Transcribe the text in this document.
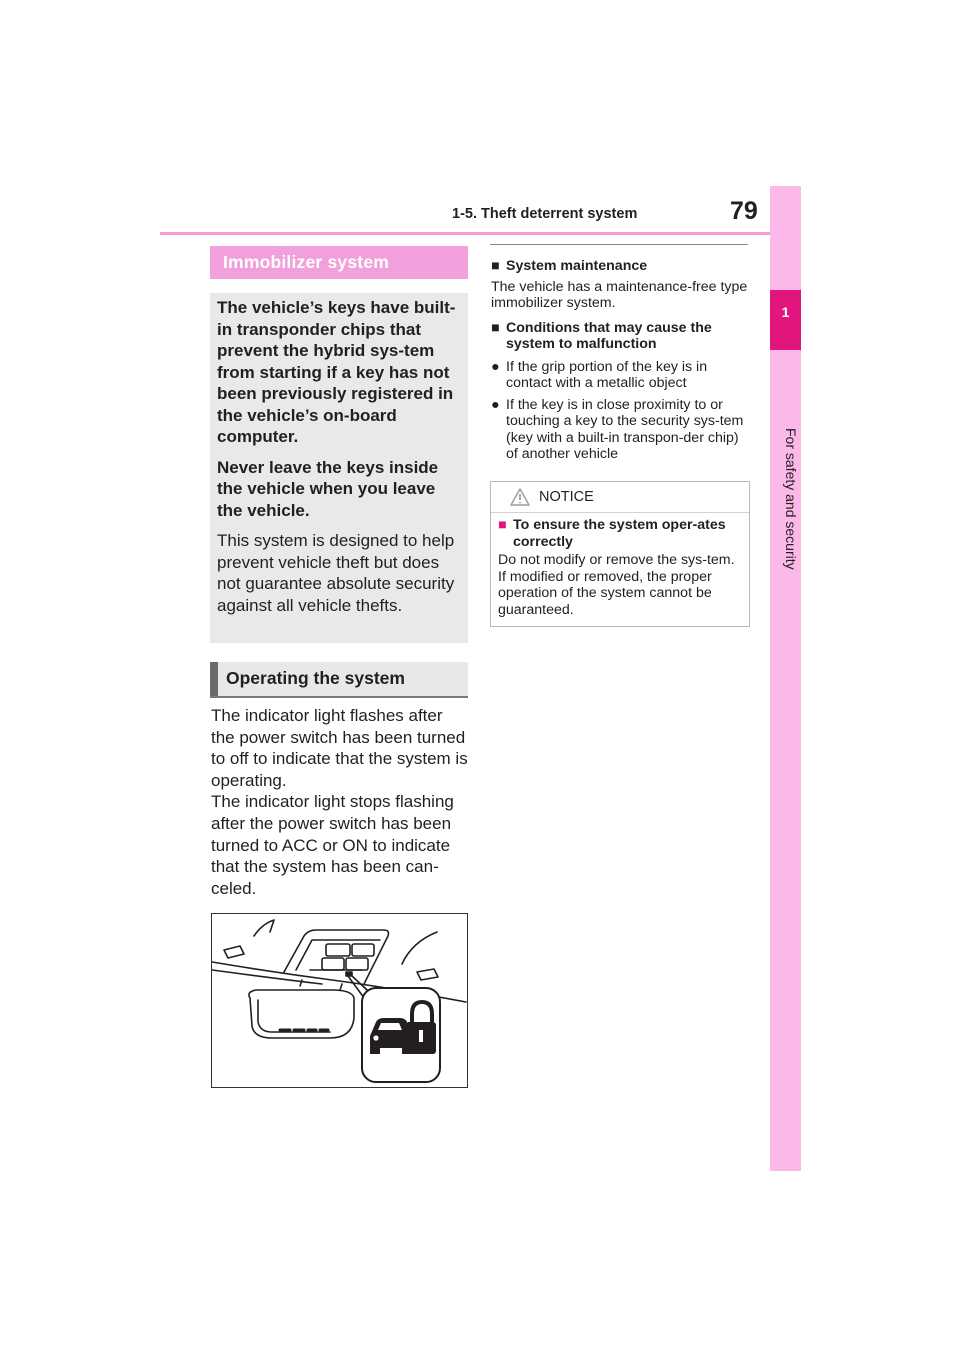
1-5. Theft deterrent system	79
1
For safety and security
Immobilizer system

The vehicle’s keys have built-in transponder chips that prevent the hybrid sys-tem from starting if a key has not been previously registered in the vehicle’s on-board computer.

Never leave the keys inside the vehicle when you leave the vehicle.

This system is designed to help prevent vehicle theft but does not guarantee absolute security against all vehicle thefts.

Operating the system

The indicator light flashes after the power switch has been turned to off to indicate that the system is operating.

The indicator light stops flashing after the power switch has been turned to ACC or ON to indicate that the system has been can-celed.

■ System maintenance

The vehicle has a maintenance-free type immobilizer system.

■ Conditions that may cause the system to malfunction

● If the grip portion of the key is in contact with a metallic object

● If the key is in close proximity to or touching a key to the security sys-tem (key with a built-in transpon-der chip) of another vehicle

NOTICE
■ To ensure the system oper-ates correctly
Do not modify or remove the sys-tem. If modified or removed, the proper operation of the system cannot be guaranteed.
